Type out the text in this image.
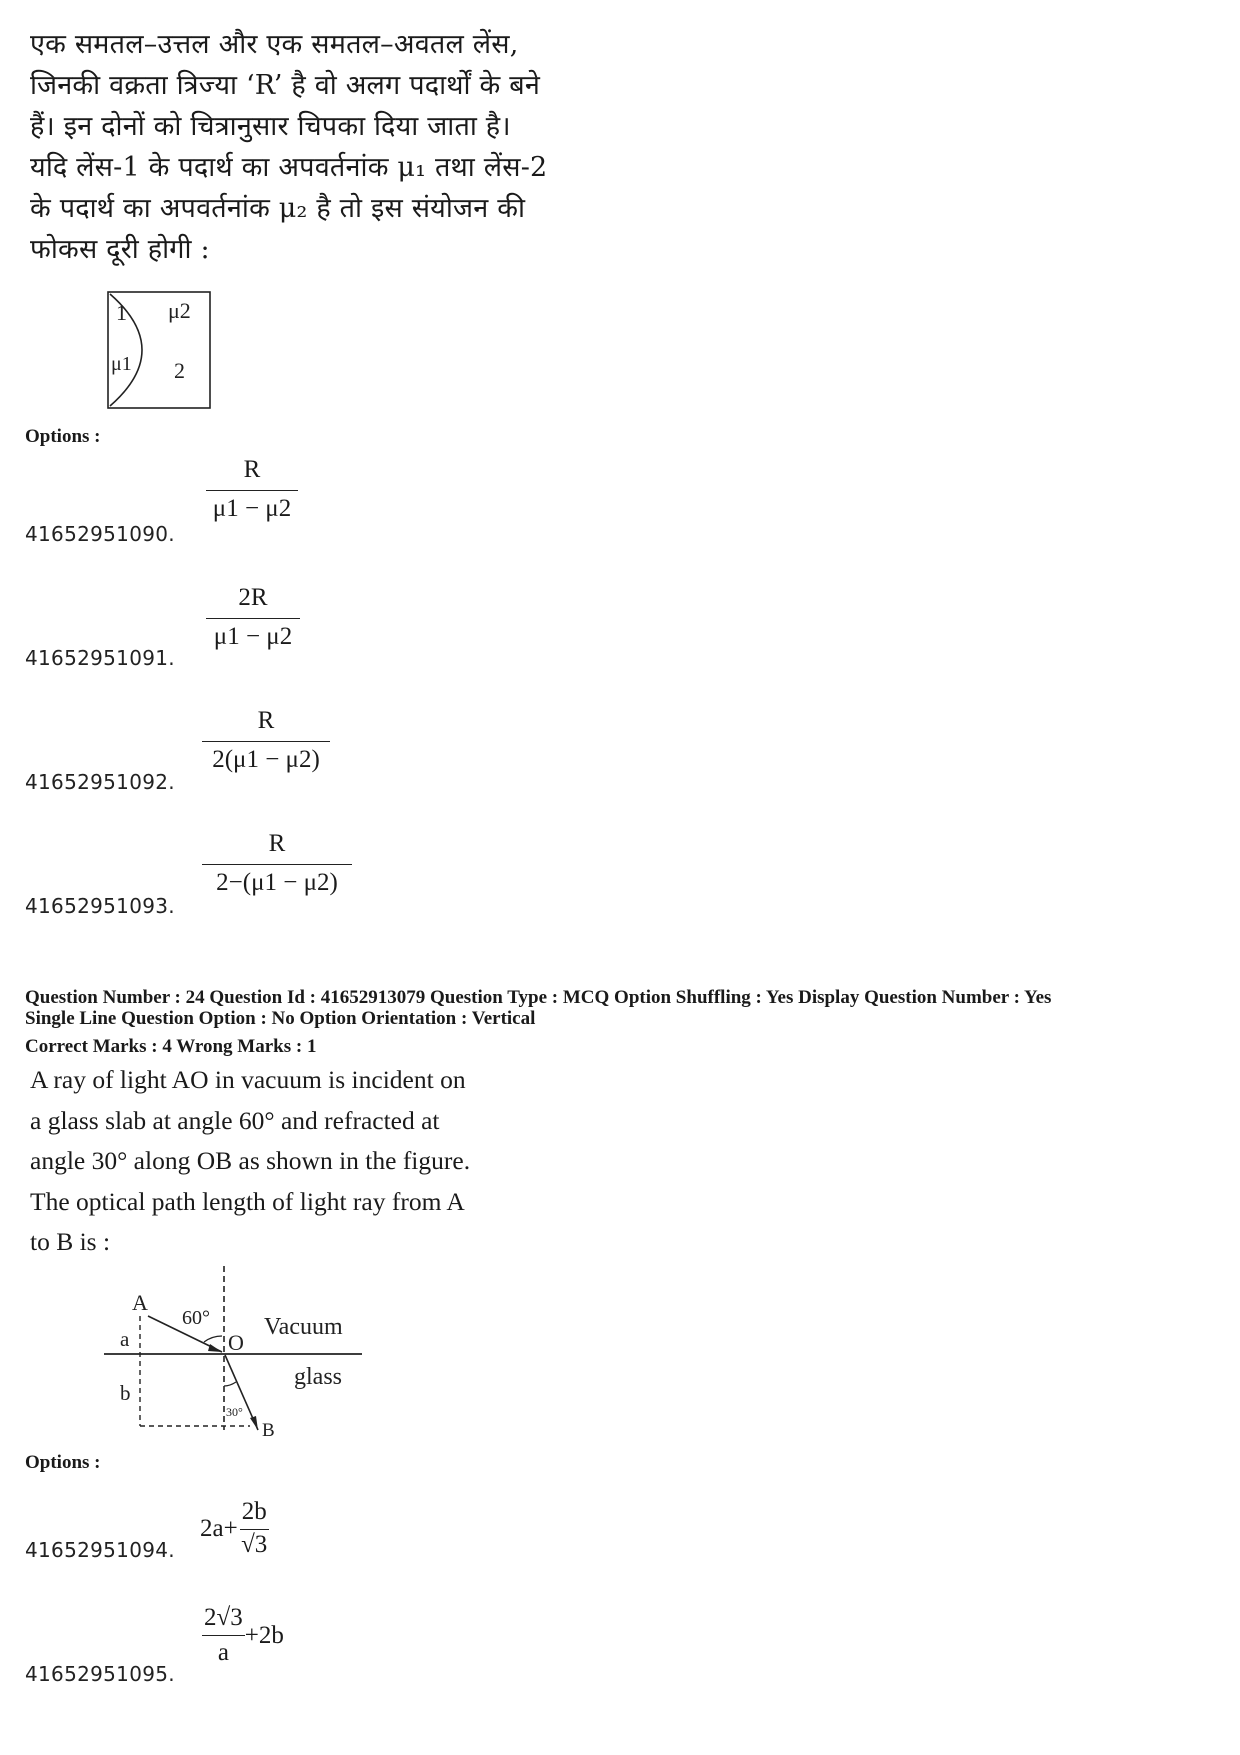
एक समतल–उत्तल और एक समतल–अवतल लेंस,
जिनकी वक्रता त्रिज्या ‘R’ है वो अलग पदार्थों के बने
हैं। इन दोनों को चित्रानुसार चिपका दिया जाता है।
यदि लेंस-1 के पदार्थ का अपवर्तनांक μ₁ तथा लेंस-2
के पदार्थ का अपवर्तनांक μ₂ है तो इस संयोजन की
फोकस दूरी होगी :
1 μ2
μ1 2
Options :
41652951090.
R
μ1 − μ2
41652951091.
2R
μ1 − μ2
41652951092.
R
2(μ1 − μ2)
41652951093.
R
2−(μ1 − μ2)
Question Number : 24 Question Id : 41652913079 Question Type : MCQ Option Shuffling : Yes Display Question Number : Yes
Single Line Question Option : No Option Orientation : Vertical
Correct Marks : 4 Wrong Marks : 1
A ray of light AO in vacuum is incident on
a glass slab at angle 60° and refracted at
angle 30° along OB as shown in the figure.
The optical path length of light ray from A
to B is :
A
a
b
60°
O
Vacuum
glass
30°
B
Options :
41652951094.
$2a+ \frac{2b}{√3}$
41652951095.
$\frac{2√3}{a} +2b$
